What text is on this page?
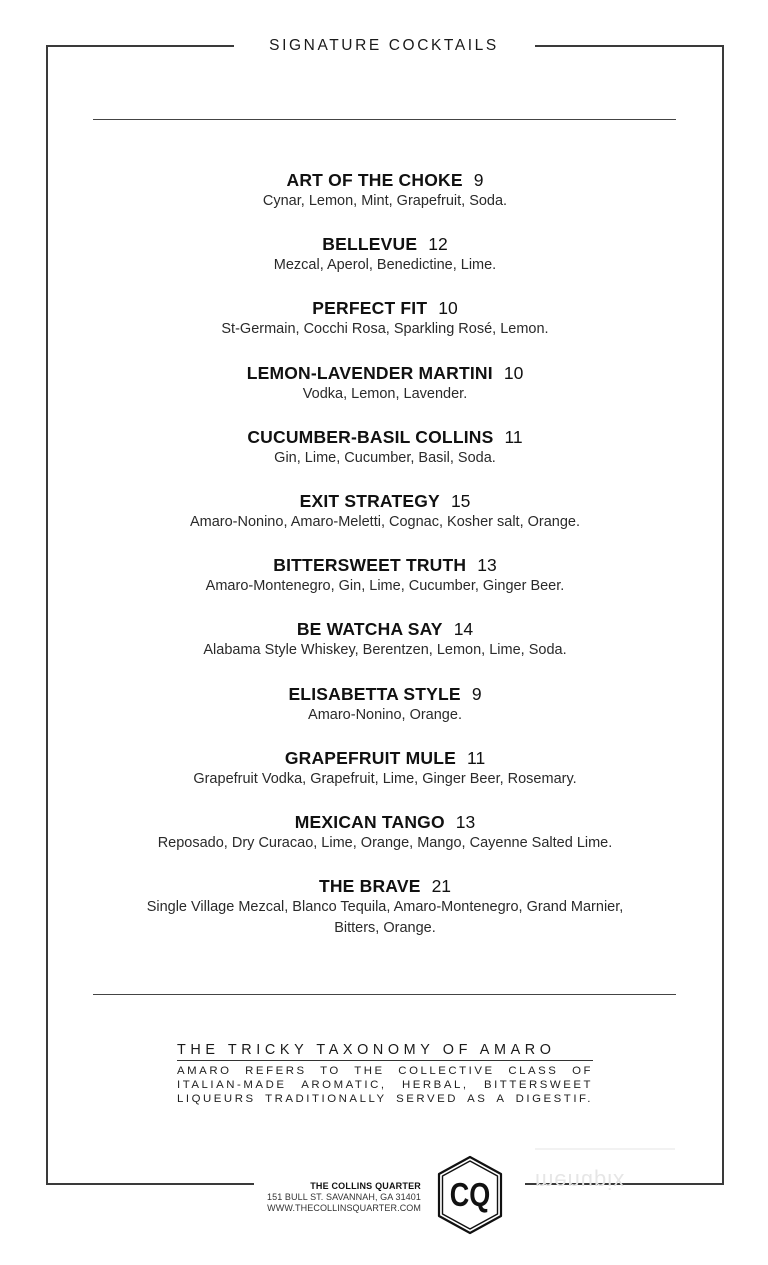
SIGNATURE COCKTAILS
ART OF THE CHOKE 9
Cynar, Lemon, Mint, Grapefruit, Soda.
BELLEVUE 12
Mezcal, Aperol, Benedictine, Lime.
PERFECT FIT 10
St-Germain, Cocchi Rosa, Sparkling Rosé, Lemon.
LEMON-LAVENDER MARTINI 10
Vodka, Lemon, Lavender.
CUCUMBER-BASIL COLLINS 11
Gin, Lime, Cucumber, Basil, Soda.
EXIT STRATEGY 15
Amaro-Nonino, Amaro-Meletti, Cognac, Kosher salt, Orange.
BITTERSWEET TRUTH 13
Amaro-Montenegro, Gin, Lime, Cucumber, Ginger Beer.
BE WATCHA SAY 14
Alabama Style Whiskey, Berentzen, Lemon, Lime, Soda.
ELISABETTA STYLE 9
Amaro-Nonino, Orange.
GRAPEFRUIT MULE 11
Grapefruit Vodka, Grapefruit, Lime, Ginger Beer, Rosemary.
MEXICAN TANGO 13
Reposado, Dry Curacao, Lime, Orange, Mango, Cayenne Salted Lime.
THE BRAVE 21
Single Village Mezcal, Blanco Tequila, Amaro-Montenegro, Grand Marnier,
Bitters, Orange.
THE TRICKY TAXONOMY OF AMARO
AMARO REFERS TO THE COLLECTIVE CLASS OF
ITALIAN-MADE AROMATIC, HERBAL, BITTERSWEET
LIQUEURS TRADITIONALLY SERVED AS A DIGESTIF.
THE COLLINS QUARTER
151 BULL ST. SAVANNAH, GA 31401
WWW.THECOLLINSQUARTER.COM CQ menupix
